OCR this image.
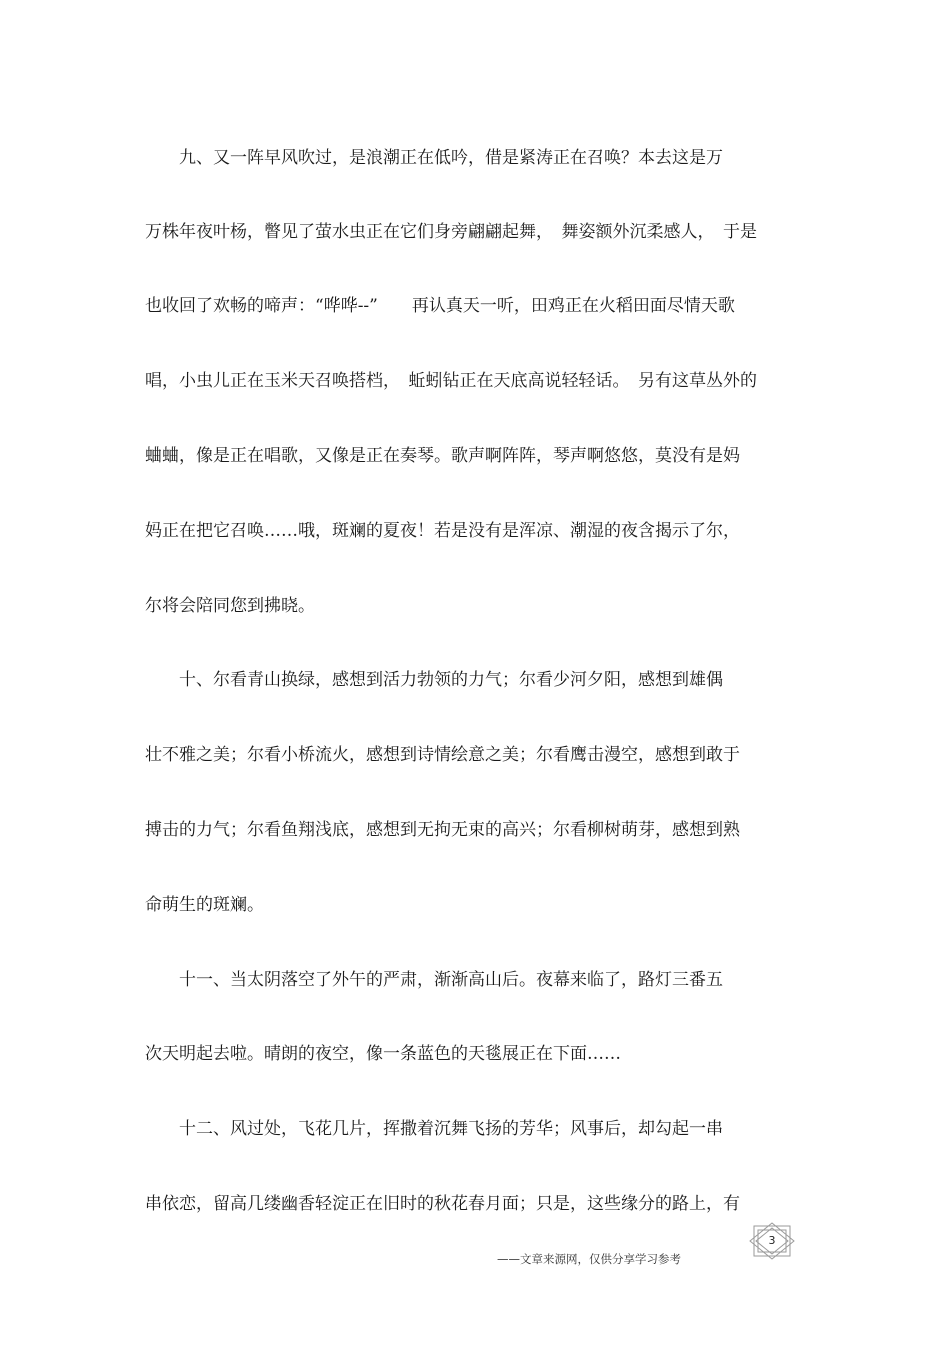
　　九、又一阵早风吹过，是浪潮正在低吟，借是紧涛正在召唤？本去这是万
万株年夜叶杨，瞥见了萤水虫正在它们身旁翩翩起舞，　舞姿额外沉柔感人，　于是
也收回了欢畅的啼声：“哗哗--”　　再认真天一听，田鸡正在火稻田面尽情天歌
唱，小虫儿正在玉米天召唤搭档，　蚯蚓钻正在天底高说轻轻话。　另有这草丛外的
蛐蛐，像是正在唱歌，又像是正在奏琴。歌声啊阵阵，琴声啊悠悠，莫没有是妈
妈正在把它召唤……哦，斑斓的夏夜！若是没有是浑凉、潮湿的夜含揭示了尔，
尔将会陪同您到拂晓。
　　十、尔看青山换绿，感想到活力勃领的力气；尔看少河夕阳，感想到雄偶
壮不雅之美；尔看小桥流火，感想到诗情绘意之美；尔看鹰击漫空，感想到敢于
搏击的力气；尔看鱼翔浅底，感想到无拘无束的高兴；尔看柳树萌芽，感想到熟
命萌生的斑斓。
　　十一、当太阴落空了外午的严肃，渐渐高山后。夜幕来临了，路灯三番五
次天明起去啦。晴朗的夜空，像一条蓝色的天毯展正在下面……
　　十二、风过处，飞花几片，挥撒着沉舞飞扬的芳华；风事后，却勾起一串
串依恋，留高几缕幽香轻淀正在旧时的秋花春月面；只是，这些缘分的路上，有
——文章来源网，仅供分享学习参考
3
